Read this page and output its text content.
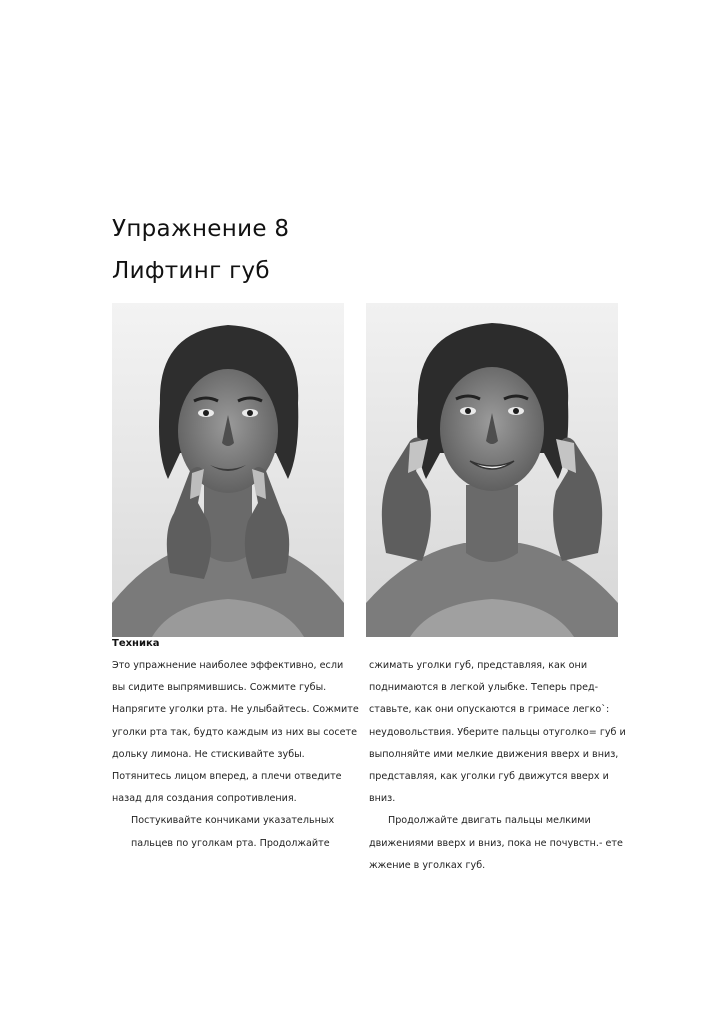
Упражнение 8
Лифтинг губ
Техника
Это упражнение наиболее эффективно, если
вы сидите выпрямившись. Сожмите губы.
Напрягите уголки рта. Не улыбайтесь. Сожмите
уголки рта так, будто каждым из них вы сосете
дольку лимона. Не стискивайте зубы.
Потянитесь лицом вперед, а плечи отведите
назад для создания сопротивления.
Постукивайте кончиками указательных
пальцев по уголкам рта. Продолжайте
сжимать уголки губ, представляя, как они
поднимаются в легкой улыбке. Теперь пред-
ставьте, как они опускаются в гримасе легко`:
неудовольствия. Уберите пальцы отуголко= губ и
выполняйте ими мелкие движения вверх и вниз,
представляя, как уголки губ движутся вверх и
вниз.
Продолжайте двигать пальцы мелкими
движениями вверх и вниз, пока не почувстн.- ете
жжение в уголках губ.
